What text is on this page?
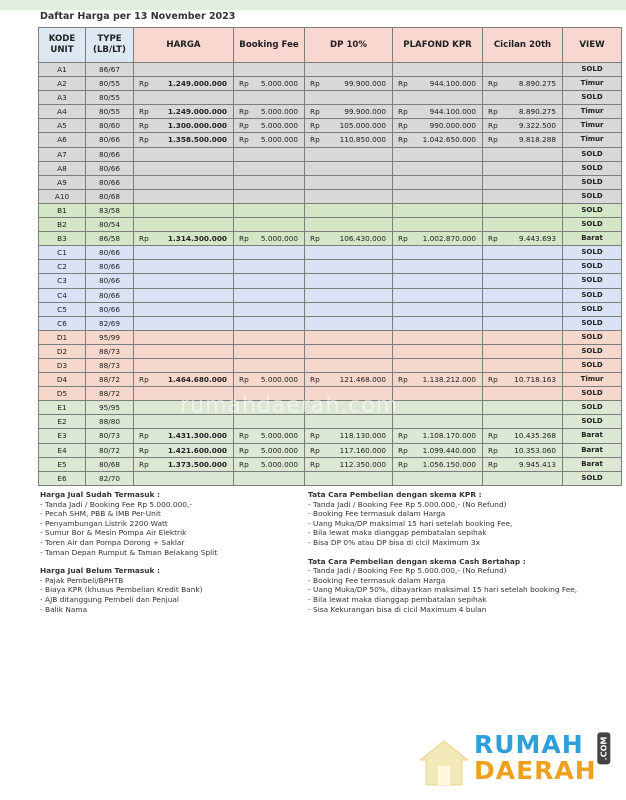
Daftar Harga per 13 November 2023
KODE UNIT	TYPE (LB/LT)	HARGA		Booking Fee		DP 10%		PLAFOND KPR		Cicilan 20th		VIEW
A1	86/67											SOLD
A2	80/55	Rp	1.249.000.000	Rp	5.000.000	Rp	99.900.000	Rp	944.100.000	Rp	8.890.275	Timur
A3	80/55											SOLD
A4	80/55	Rp	1.249.000.000	Rp	5.000.000	Rp	99.900.000	Rp	944.100.000	Rp	8.890.275	Timur
A5	80/60	Rp	1.300.000.000	Rp	5.000.000	Rp	105.000.000	Rp	990.000.000	Rp	9.322.500	Timur
A6	80/66	Rp	1.358.500.000	Rp	5.000.000	Rp	110.850.000	Rp	1.042.650.000	Rp	9.818.288	Timur
A7	80/66											SOLD
A8	80/66											SOLD
A9	80/66											SOLD
A10	80/68											SOLD
B1	83/58											SOLD
B2	80/54											SOLD
B3	86/58	Rp	1.314.300.000	Rp	5.000.000	Rp	106.430.000	Rp	1.002.870.000	Rp	9.443.693	Barat
C1	80/66											SOLD
C2	80/66											SOLD
C3	80/66											SOLD
C4	80/66											SOLD
C5	80/66											SOLD
C6	82/69											SOLD
D1	95/99											SOLD
D2	88/73											SOLD
D3	88/73											SOLD
D4	88/72	Rp	1.464.680.000	Rp	5.000.000	Rp	121.468.000	Rp	1.138.212.000	Rp	10.718.163	Timur
D5	88/72											SOLD
E1	95/95											SOLD
E2	88/80											SOLD
E3	80/73	Rp	1.431.300.000	Rp	5.000.000	Rp	118.130.000	Rp	1.108.170.000	Rp	10.435.268	Barat
E4	80/72	Rp	1.421.600.000	Rp	5.000.000	Rp	117.160.000	Rp	1.099.440.000	Rp	10.353.060	Barat
E5	80/68	Rp	1.373.500.000	Rp	5.000.000	Rp	112.350.000	Rp	1.056.150.000	Rp	9.945.413	Barat
E6	82/70											SOLD
rumahdaerah.com
Harga Jual Sudah Termasuk :
- Tanda Jadi / Booking Fee Rp 5.000.000,-
- Pecah SHM, PBB & IMB Per-Unit
- Penyambungan Listrik 2200 Watt
- Sumur Bor & Mesin Pompa Air Elektrik
- Toren Air dan Pompa Dorong + Saklar
- Taman Depan Rumput & Taman Belakang Split
Harga Jual Belum Termasuk :
- Pajak Pembeli/BPHTB
- Biaya KPR (khusus Pembelian Kredit Bank)
- AJB ditanggung Pembeli dan Penjual
- Balik Nama
Tata Cara Pembelian dengan skema KPR :
- Tanda Jadi / Booking Fee Rp 5.000.000,- (No Refund)
- Booking Fee termasuk dalam Harga
- Uang Muka/DP maksimal 15 hari setelah booking Fee,
- Bila lewat maka dianggap pembatalan sepihak
- Bisa DP 0% atau DP bisa di cicil Maximum 3x
Tata Cara Pembelian dengan skema Cash Bertahap :
- Tanda Jadi / Booking Fee Rp 5.000.000,- (No Refund)
- Booking Fee termasuk dalam Harga
- Uang Muka/DP 50%, dibayarkan maksimal 15 hari setelah booking Fee,
- Bila lewat maka dianggap pembatalan sepihak
- Sisa Kekurangan bisa di cicil Maximum 4 bulan
RUMAH
DAERAH
.COM
